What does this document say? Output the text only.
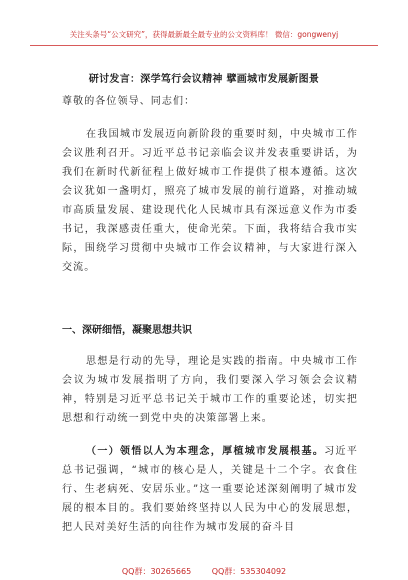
关注头条号“公文研究”，获得最新最全最专业的公文资料库！ 微信：gongwenyj
研讨发言：深学笃行会议精神 擘画城市发展新图景
尊敬的各位领导、同志们：
在我国城市发展迈向新阶段的重要时刻，中央城市工作会议胜利召开。习近平总书记亲临会议并发表重要讲话，为我们在新时代新征程上做好城市工作提供了根本遵循。这次会议犹如一盏明灯，照亮了城市发展的前行道路，对推动城市高质量发展、建设现代化人民城市具有深远意义作为市委书记，我深感责任重大，使命光荣。下面，我将结合我市实际，围绕学习贯彻中央城市工作会议精神，与大家进行深入交流。
一、深研细悟，凝聚思想共识
思想是行动的先导，理论是实践的指南。中央城市工作会议为城市发展指明了方向，我们要深入学习领会会议精神，特别是习近平总书记关于城市工作的重要论述，切实把思想和行动统一到党中央的决策部署上来。
（一）领悟以人为本理念，厚植城市发展根基。习近平总书记强调，“城市的核心是人，关键是十二个字。衣食住行、生老病死、安居乐业。”这一重要论述深刻阐明了城市发展的根本目的。我们要始终坚持以人民为中心的发展思想，把人民对美好生活的向往作为城市发展的奋斗目
QQ群：30265665	QQ群：535304092
